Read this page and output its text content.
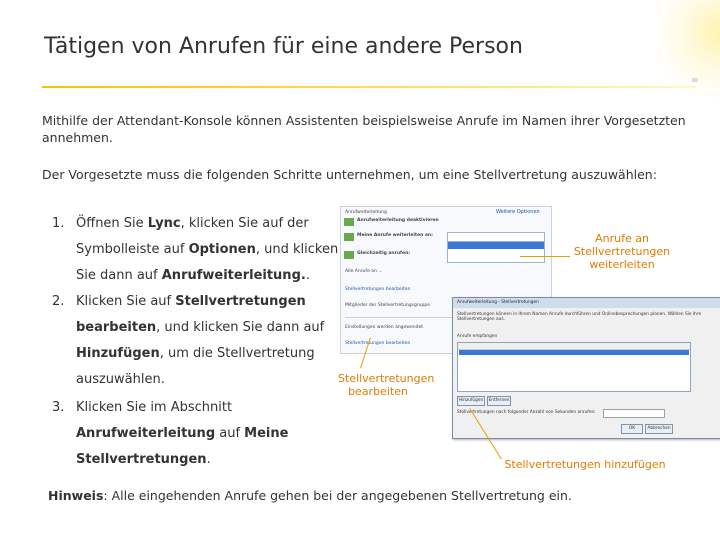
Tätigen von Anrufen für eine andere Person
Mithilfe der Attendant-Konsole können Assistenten beispielsweise Anrufe im Namen ihrer Vorgesetzten annehmen.
Der Vorgesetzte muss die folgenden Schritte unternehmen, um eine Stellvertretung auszuwählen:
1. Öffnen Sie Lync, klicken Sie auf der
Symbolleiste auf Optionen, und klicken
Sie dann auf Anrufweiterleitung..
2. Klicken Sie auf Stellvertretungen
bearbeiten, und klicken Sie dann auf
Hinzufügen, um die Stellvertretung
auszuwählen.
3. Klicken Sie im Abschnitt
Anrufweiterleitung auf Meine
Stellvertretungen.
Anrufweiterleitung	Weitere Optionen
Anrufweiterleitung deaktivieren
Meine Anrufe weiterleiten an:
Gleichzeitig anrufen:
Alle Anrufe an ...
Stellvertretungen bearbeiten
Mitglieder der Stellvertretungsgruppe
Einstellungen werden angewendet
Stellvertretungen bearbeiten
Anrufweiterleitung - Stellvertretungen
Stellvertretungen können in Ihrem Namen Anrufe durchführen und Onlinebesprechungen planen. Wählen Sie Ihre Stellvertretungen aus.
Anrufe empfangen
Hinzufügen	Entfernen
Stellvertretungen nach folgender Anzahl von Sekunden anrufen:
OK	Abbrechen
Anrufe an Stellvertretungen weiterleiten
Stellvertretungen bearbeiten
Stellvertretungen hinzufügen
Hinweis: Alle eingehenden Anrufe gehen bei der angegebenen Stellvertretung ein.
